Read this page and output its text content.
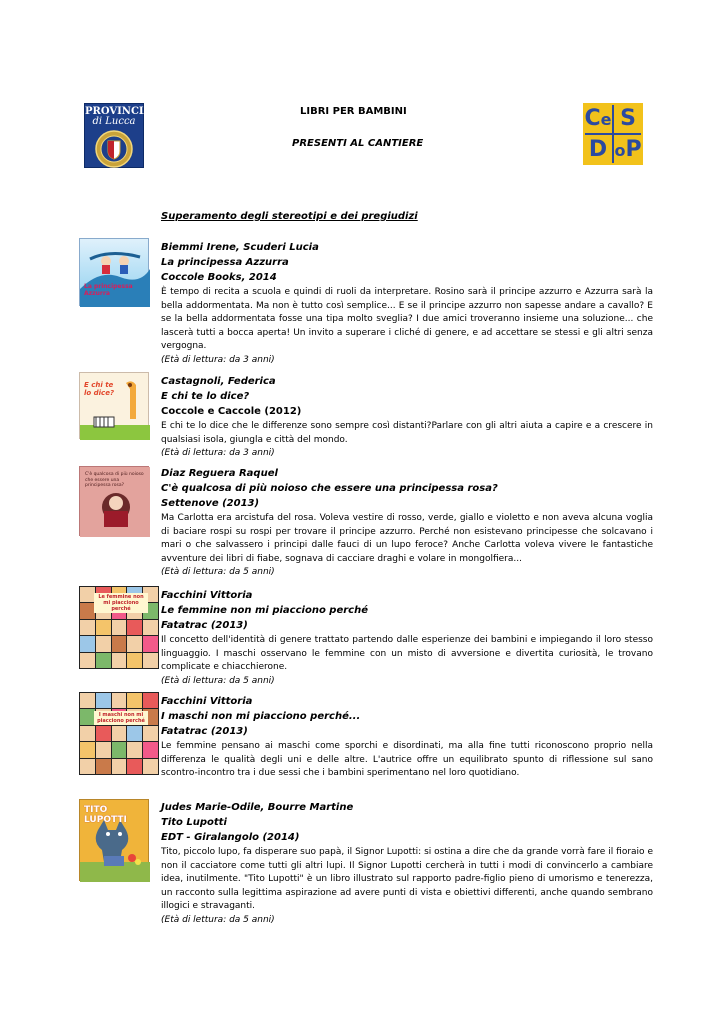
PROVINCIA
di Lucca	Ce S
D oP
LIBRI PER BAMBINI
PRESENTI AL CANTIERE
Superamento degli stereotipi e dei pregiudizi
La principessa Azzurra
E chi te lo dice?
C'è qualcosa di più noioso che essere una principessa rosa?
Le femmine non mi piacciono perché
I maschi non mi piacciono perché
TITO LUPOTTI
Biemmi Irene, Scuderi Lucia
La principessa Azzurra
Coccole Books, 2014
È tempo di recita a scuola e quindi di ruoli da interpretare. Rosino sarà il principe azzurro e Azzurra sarà la bella addormentata. Ma non è tutto così semplice... E se il principe azzurro non sapesse andare a cavallo? E se la bella addormentata fosse una tipa molto sveglia? I due amici troveranno insieme una soluzione... che lascerà tutti a bocca aperta! Un invito a superare i cliché di genere, e ad accettare se stessi e gli altri senza vergogna.
(Età di lettura: da 3 anni)
Castagnoli, Federica
E chi te lo dice?
Coccole e Caccole (2012)
E chi te lo dice che le differenze sono sempre così distanti?Parlare con gli altri aiuta a capire e a crescere in qualsiasi isola, giungla e città del mondo.
(Età di lettura: da 3 anni)
Diaz Reguera Raquel
C'è qualcosa di più noioso che essere una principessa rosa?
Settenove (2013)
Ma Carlotta era arcistufa del rosa. Voleva vestire di rosso, verde, giallo e violetto e non aveva alcuna voglia di baciare rospi su rospi per trovare il principe azzurro. Perché non esistevano principesse che solcavano i mari o che salvassero i principi dalle fauci di un lupo feroce? Anche Carlotta voleva vivere le fantastiche avventure dei libri di fiabe, sognava di cacciare draghi e volare in mongolfiera...
(Età di lettura: da 5 anni)
Facchini Vittoria
Le femmine non mi piacciono perché
Fatatrac (2013)
Il concetto dell'identità di genere trattato partendo dalle esperienze dei bambini e impiegando il loro stesso linguaggio. I maschi osservano le femmine con un misto di avversione e divertita curiosità, le trovano complicate e chiacchierone.
(Età di lettura: da 5 anni)
Facchini Vittoria
I maschi non mi piacciono perché...
Fatatrac (2013)
Le femmine pensano ai maschi come sporchi e disordinati, ma alla fine tutti riconoscono proprio nella differenza le qualità degli uni e delle altre. L'autrice offre un equilibrato spunto di riflessione sul sano scontro-incontro tra i due sessi che i bambini sperimentano nel loro quotidiano.
Judes Marie-Odile, Bourre Martine
Tito Lupotti
EDT - Giralangolo (2014)
Tito, piccolo lupo, fa disperare suo papà, il Signor Lupotti: si ostina a dire che da grande vorrà fare il fioraio e non il cacciatore come tutti gli altri lupi. Il Signor Lupotti cercherà in tutti i modi di convincerlo a cambiare idea, inutilmente. "Tito Lupotti" è un libro illustrato sul rapporto padre-figlio pieno di umorismo e tenerezza, un racconto sulla legittima aspirazione ad avere punti di vista e obiettivi differenti, anche quando sembrano illogici e stravaganti.
(Età di lettura: da 5 anni)
